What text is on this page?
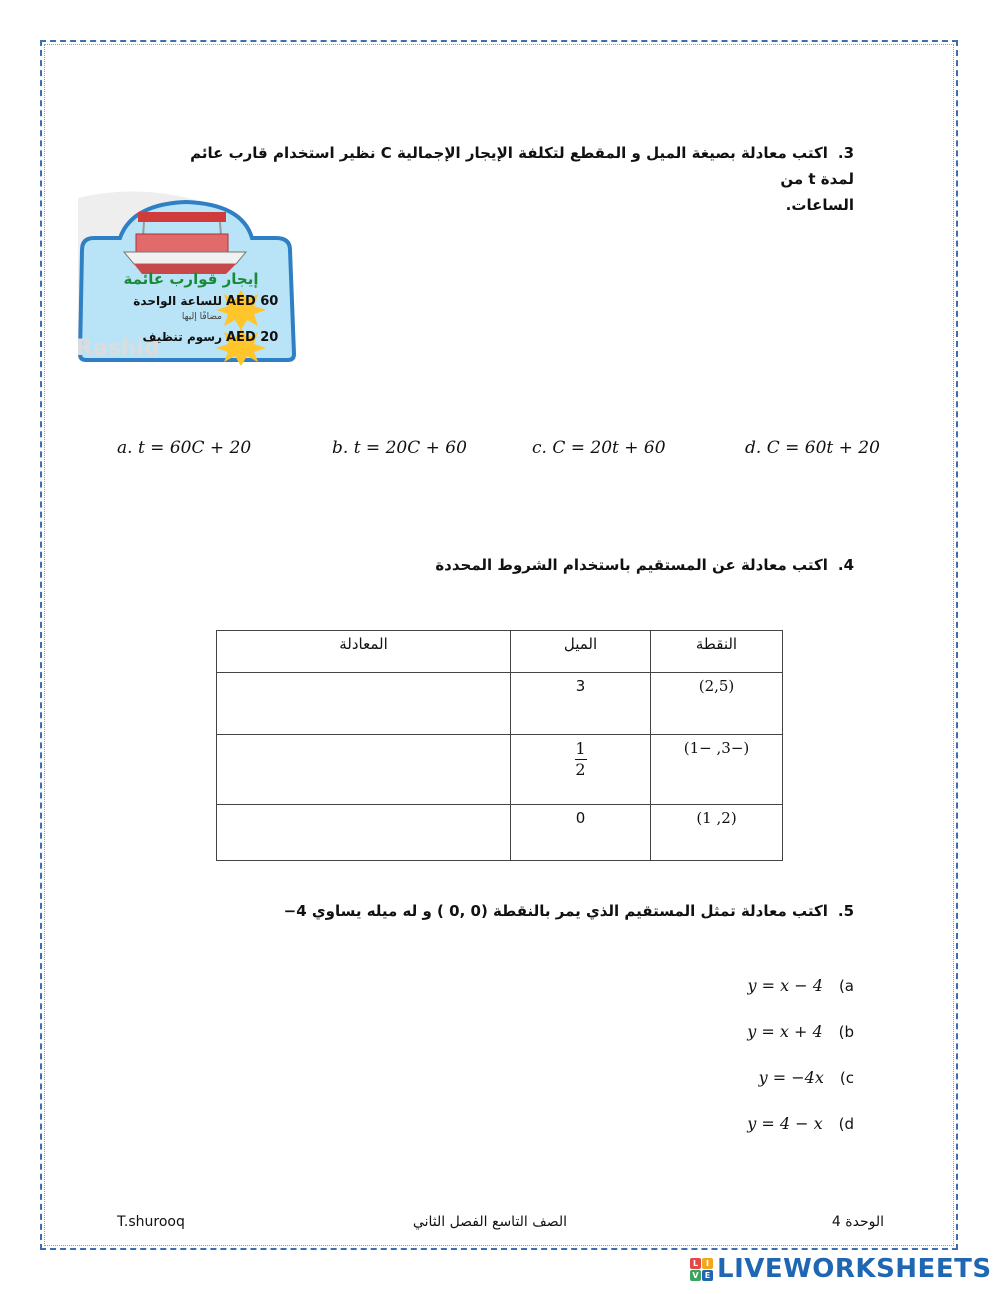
3.اكتب معادلة بصيغة الميل و المقطع لتكلفة الإيجار الإجمالية C نظير استخدام قارب عائم لمدة t من
الساعات.
Rashid
إيجار قوارب عائمة
AED 60
للساعة الواحدة
مضافًا إليها
AED 20
رسوم تنظيف
a. t = 60C + 20	b. t = 20C + 60	c. C = 20t + 60	d. C = 60t + 20
4.اكتب معادلة عن المستقيم باستخدام الشروط المحددة
النقطة	الميل	المعادلة
(2,5)	3	
(−3, −1)	$\frac{1}{2}$

(2, 1)	0	
5.اكتب معادلة تمثل المستقيم الذي يمر بالنقطة (0 ,0 ) و له ميله يساوي 4−
y = x − 4 (a
y = x + 4 (b
y = −4x (c
y = 4 − x (d
T.shurooq	الصف التاسع الفصل الثاني	الوحدة 4
L I
V E LIVEWORKSHEETS
